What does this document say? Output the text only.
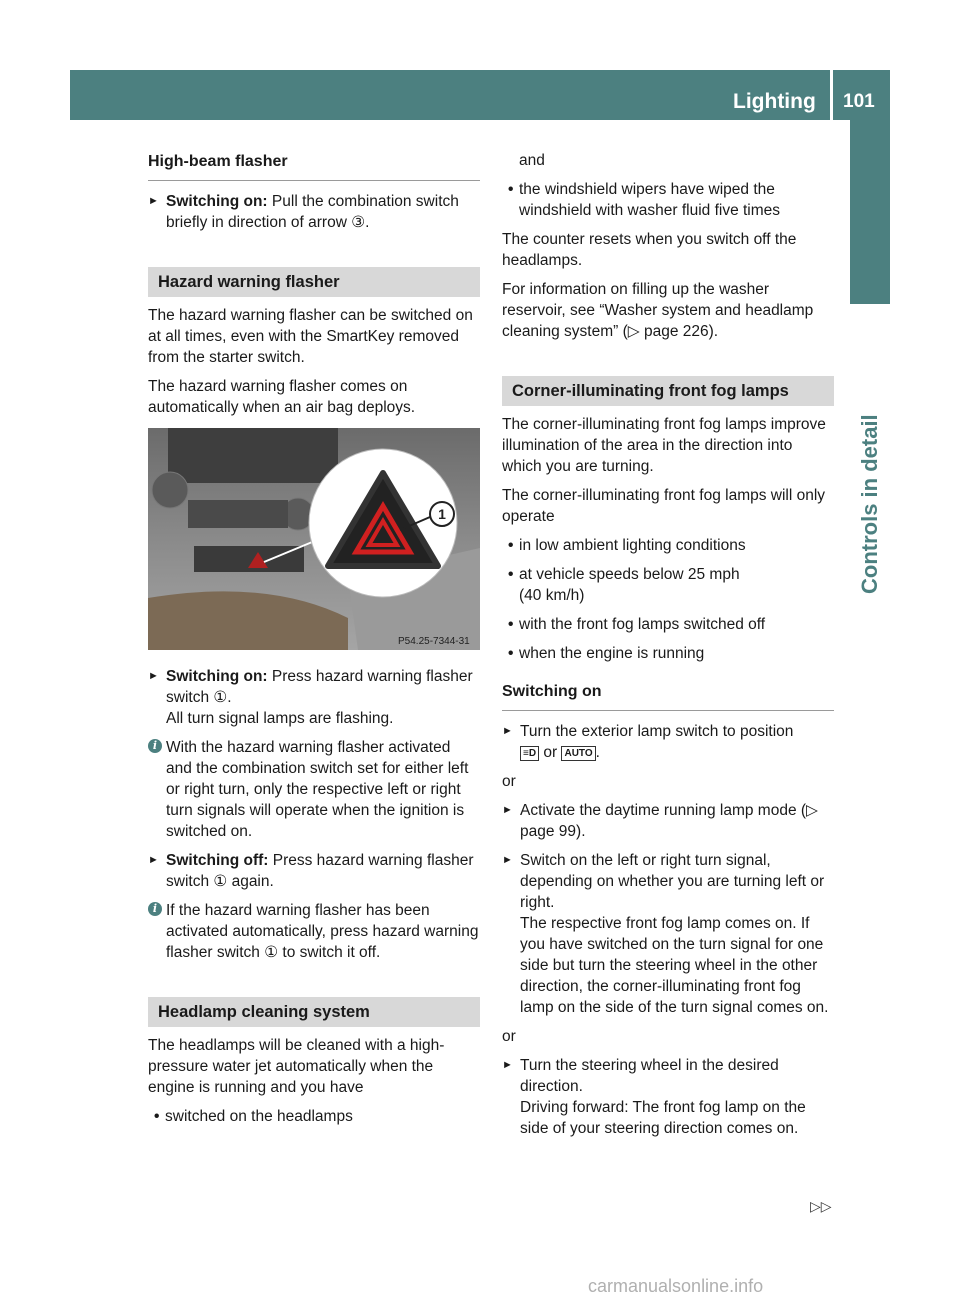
Lighting 101
Controls in detail
High-beam flasher
► Switching on: Pull the combination switch briefly in direction of arrow ③.
Hazard warning flasher

The hazard warning flasher can be switched on at all times, even with the SmartKey removed from the starter switch.

The hazard warning flasher comes on automatically when an air bag deploys.

1
P54.25-7344-31
► Switching on: Press hazard warning flasher switch ①.
All turn signal lamps are flashing.
i With the hazard warning flasher activated and the combination switch set for either left or right turn, only the respective left or right turn signals will operate when the ignition is switched on.
► Switching off: Press hazard warning flasher switch ① again.
i If the hazard warning flasher has been activated automatically, press hazard warning flasher switch ① to switch it off.
Headlamp cleaning system

The headlamps will be cleaned with a high-pressure water jet automatically when the engine is running and you have

• switched on the headlamps

and

• the windshield wipers have wiped the windshield with washer fluid five times

The counter resets when you switch off the headlamps.

For information on filling up the washer reservoir, see “Washer system and headlamp cleaning system” (▷ page 226).

Corner-illuminating front fog lamps

The corner-illuminating front fog lamps improve illumination of the area in the direction into which you are turning.

The corner-illuminating front fog lamps will only operate

• in low ambient lighting conditions
• at vehicle speeds below 25 mph
(40 km/h)
• with the front fog lamps switched off
• when the engine is running
Switching on
► Turn the exterior lamp switch to position
≡D or AUTO .

or

► Activate the daytime running lamp mode (▷ page 99).
► Switch on the left or right turn signal, depending on whether you are turning left or right.
The respective front fog lamp comes on. If you have switched on the turn signal for one side but turn the steering wheel in the other direction, the corner-illuminating front fog lamp on the side of the turn signal comes on.

or

► Turn the steering wheel in the desired direction.
Driving forward: The front fog lamp on the side of your steering direction comes on.
▷▷
carmanualsonline.info
